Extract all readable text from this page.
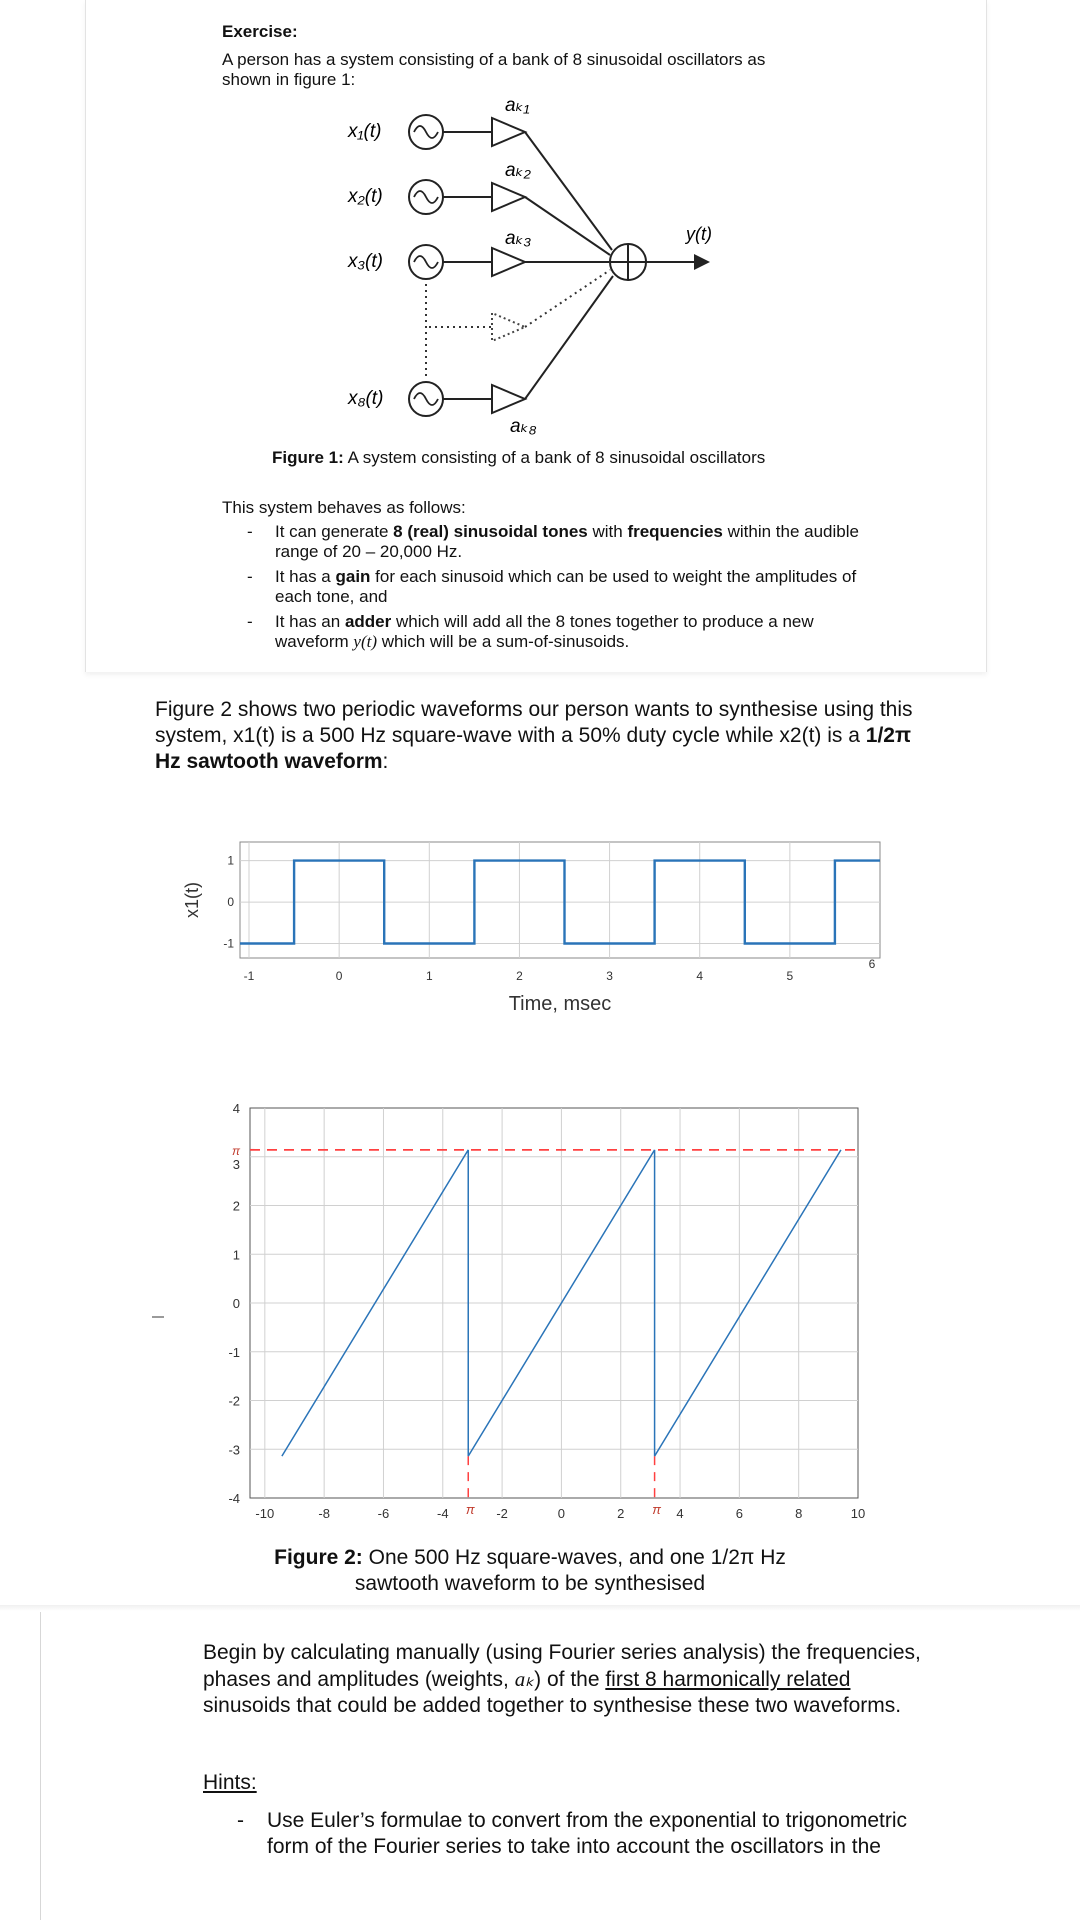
Exercise:
A person has a system consisting of a bank of 8 sinusoidal oscillators as
shown in figure 1:
x₁(t)
x₂(t)
x₃(t)
x₈(t)
aₖ₁
aₖ₂
aₖ₃
aₖ₈
y(t)
Figure 1: A system consisting of a bank of 8 sinusoidal oscillators
This system behaves as follows:
- It can generate 8 (real) sinusoidal tones with frequencies within the audible range of 20 – 20,000 Hz.
- It has a gain for each sinusoid which can be used to weight the amplitudes of each tone, and
- It has an adder which will add all the 8 tones together to produce a new waveform y(t) which will be a sum-of-sinusoids.
Figure 2 shows two periodic waveforms our person wants to synthesise using this
system, x1(t) is a 500 Hz square-wave with a 50% duty cycle while x2(t) is a 1/2π
Hz sawtooth waveform:
-1	0	1	2	3	4	5
6
-1
0
1
Time, msec
x1(t)
-10	-8	-6	-4	-2	0	2	4	6	8	10
-4
-3
-2
-1
0
1
2
4
π
3
π	π
Figure 2: One 500 Hz square-waves, and one 1/2π Hz
sawtooth waveform to be synthesised
Begin by calculating manually (using Fourier series analysis) the frequencies,
phases and amplitudes (weights, aₖ) of the first 8 harmonically related
sinusoids that could be added together to synthesise these two waveforms.
Hints:
- Use Euler’s formulae to convert from the exponential to trigonometric
form of the Fourier series to take into account the oscillators in the
